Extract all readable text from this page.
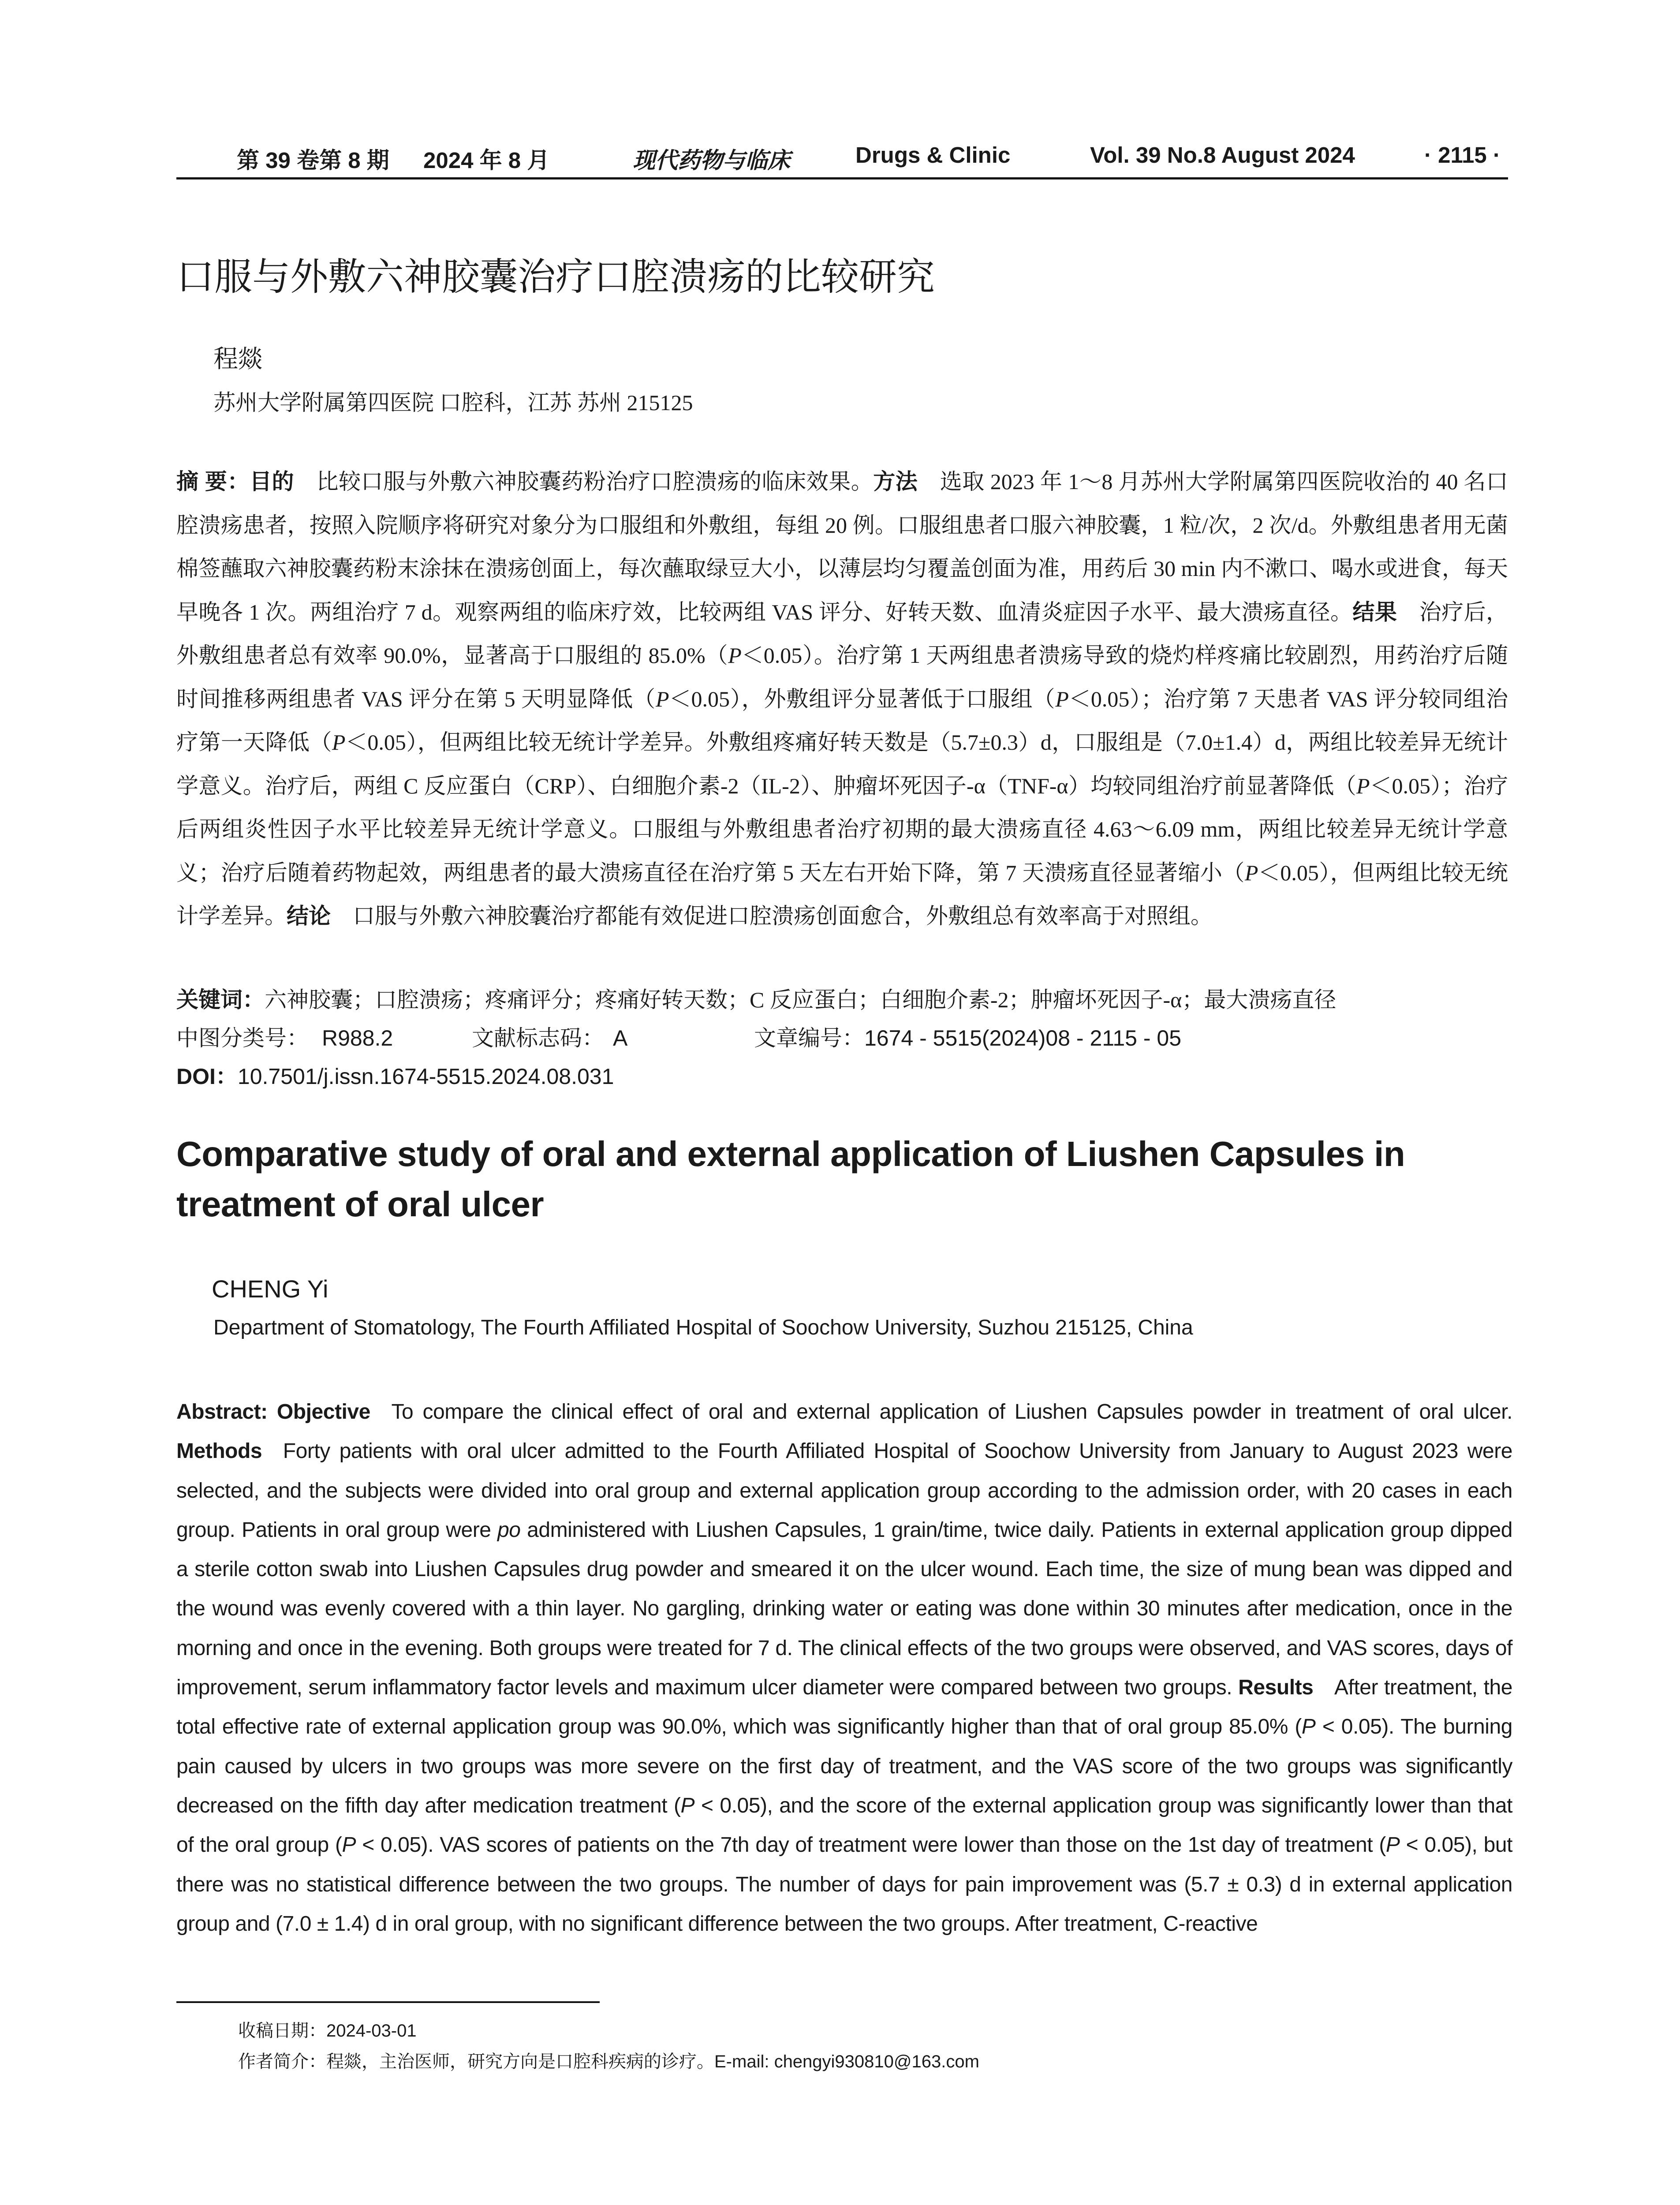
第 39 卷第 8 期 2024 年 8 月	现代药物与临床	Drugs & Clinic	Vol. 39 No.8 August 2024	· 2115 ·
口服与外敷六神胶囊治疗口腔溃疡的比较研究
程燚
苏州大学附属第四医院 口腔科，江苏 苏州 215125
摘 要：目的　 比较口服与外敷六神胶囊药粉治疗口腔溃疡的临床效果。方法　 选取 2023 年 1～8 月苏州大学附属第四医院收治的 40 名口腔溃疡患者，按照入院顺序将研究对象分为口服组和外敷组，每组 20 例。口服组患者口服六神胶囊，1 粒/次，2 次/d。外敷组患者用无菌棉签蘸取六神胶囊药粉末涂抹在溃疡创面上，每次蘸取绿豆大小，以薄层均匀覆盖创面为准，用药后 30 min 内不漱口、喝水或进食，每天早晚各 1 次。两组治疗 7 d。观察两组的临床疗效，比较两组 VAS 评分、好转天数、血清炎症因子水平、最大溃疡直径。结果　 治疗后，外敷组患者总有效率 90.0%，显著高于口服组的 85.0%（P＜0.05）。治疗第 1 天两组患者溃疡导致的烧灼样疼痛比较剧烈，用药治疗后随时间推移两组患者 VAS 评分在第 5 天明显降低（P＜0.05），外敷组评分显著低于口服组（P＜0.05）；治疗第 7 天患者 VAS 评分较同组治疗第一天降低（P＜0.05），但两组比较无统计学差异。外敷组疼痛好转天数是（5.7±0.3）d，口服组是（7.0±1.4）d，两组比较差异无统计学意义。治疗后，两组 C 反应蛋白（CRP）、白细胞介素-2（IL-2）、肿瘤坏死因子-α（TNF-α）均较同组治疗前显著降低（P＜0.05）；治疗后两组炎性因子水平比较差异无统计学意义。口服组与外敷组患者治疗初期的最大溃疡直径 4.63～6.09 mm，两组比较差异无统计学意义；治疗后随着药物起效，两组患者的最大溃疡直径在治疗第 5 天左右开始下降，第 7 天溃疡直径显著缩小（P＜0.05），但两组比较无统计学差异。结论　 口服与外敷六神胶囊治疗都能有效促进口腔溃疡创面愈合，外敷组总有效率高于对照组。
关键词：六神胶囊；口腔溃疡；疼痛评分；疼痛好转天数；C 反应蛋白；白细胞介素-2；肿瘤坏死因子-α；最大溃疡直径
中图分类号： R988.2	文献标志码： A	文章编号：1674 - 5515(2024)08 - 2115 - 05
DOI：10.7501/j.issn.1674-5515.2024.08.031
Comparative study of oral and external application of Liushen Capsules in treatment of oral ulcer
CHENG Yi
Department of Stomatology, The Fourth Affiliated Hospital of Soochow University, Suzhou 215125, China
Abstract: Objective  To compare the clinical effect of oral and external application of Liushen Capsules powder in treatment of oral ulcer. Methods  Forty patients with oral ulcer admitted to the Fourth Affiliated Hospital of Soochow University from January to August 2023 were selected, and the subjects were divided into oral group and external application group according to the admission order, with 20 cases in each group. Patients in oral group were po administered with Liushen Capsules, 1 grain/time, twice daily. Patients in external application group dipped a sterile cotton swab into Liushen Capsules drug powder and smeared it on the ulcer wound. Each time, the size of mung bean was dipped and the wound was evenly covered with a thin layer. No gargling, drinking water or eating was done within 30 minutes after medication, once in the morning and once in the evening. Both groups were treated for 7 d. The clinical effects of the two groups were observed, and VAS scores, days of improvement, serum inflammatory factor levels and maximum ulcer diameter were compared between two groups. Results  After treatment, the total effective rate of external application group was 90.0%, which was significantly higher than that of oral group 85.0% (P < 0.05). The burning pain caused by ulcers in two groups was more severe on the first day of treatment, and the VAS score of the two groups was significantly decreased on the fifth day after medication treatment (P < 0.05), and the score of the external application group was significantly lower than that of the oral group (P < 0.05). VAS scores of patients on the 7th day of treatment were lower than those on the 1st day of treatment (P < 0.05), but there was no statistical difference between the two groups. The number of days for pain improvement was (5.7 ± 0.3) d in external application group and (7.0 ± 1.4) d in oral group, with no significant difference between the two groups. After treatment, C-reactive
收稿日期：2024-03-01
作者简介：程燚，主治医师，研究方向是口腔科疾病的诊疗。E-mail: chengyi930810@163.com
